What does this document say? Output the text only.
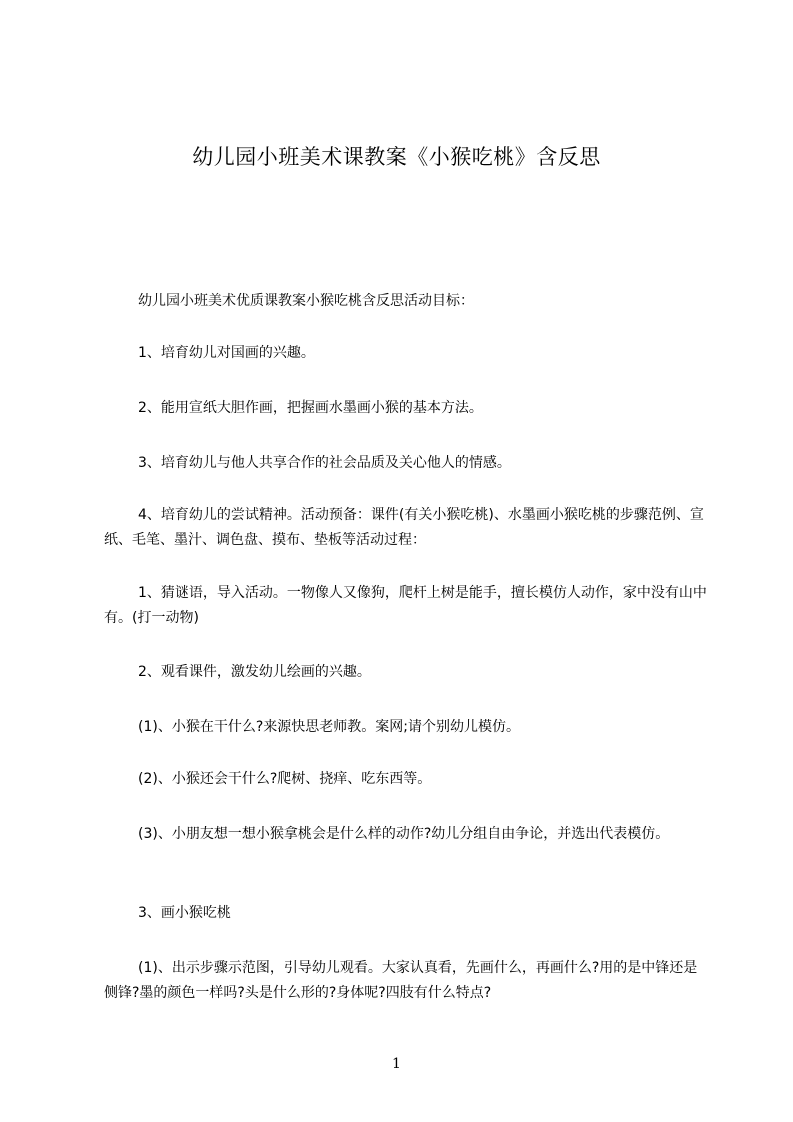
幼儿园小班美术课教案《小猴吃桃》含反思

幼儿园小班美术优质课教案小猴吃桃含反思活动目标：

1、培育幼儿对国画的兴趣。

2、能用宣纸大胆作画，把握画水墨画小猴的基本方法。

3、培育幼儿与他人共享合作的社会品质及关心他人的情感。

4、培育幼儿的尝试精神。活动预备：课件(有关小猴吃桃)、水墨画小猴吃桃的步骤范例、宣纸、毛笔、墨汁、调色盘、摸布、垫板等活动过程：

1、猜谜语，导入活动。一物像人又像狗，爬杆上树是能手，擅长模仿人动作，家中没有山中有。(打一动物)

2、观看课件，激发幼儿绘画的兴趣。

(1)、小猴在干什么?来源快思老师教。案网;请个别幼儿模仿。

(2)、小猴还会干什么?爬树、挠痒、吃东西等。

(3)、小朋友想一想小猴拿桃会是什么样的动作?幼儿分组自由争论，并选出代表模仿。

3、画小猴吃桃

(1)、出示步骤示范图，引导幼儿观看。大家认真看，先画什么，再画什么?用的是中锋还是侧锋?墨的颜色一样吗?头是什么形的?身体呢?四肢有什么特点?

1
